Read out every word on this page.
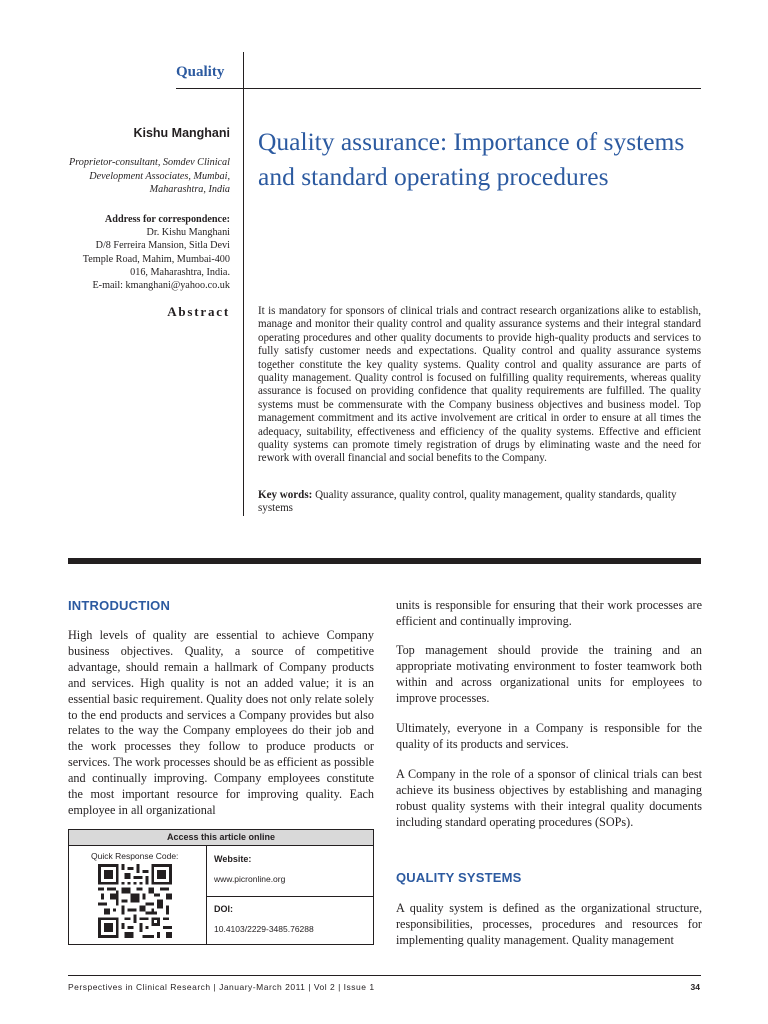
Quality
Kishu Manghani
Proprietor-consultant, Somdev Clinical Development Associates, Mumbai, Maharashtra, India
Address for correspondence:
Dr. Kishu Manghani
D/8 Ferreira Mansion, Sitla Devi
Temple Road, Mahim, Mumbai-400
016, Maharashtra, India.
E-mail: kmanghani@yahoo.co.uk
Quality assurance: Importance of systems and standard operating procedures
Abstract	It is mandatory for sponsors of clinical trials and contract research organizations alike to establish, manage and monitor their quality control and quality assurance systems and their integral standard operating procedures and other quality documents to provide high-quality products and services to fully satisfy customer needs and expectations. Quality control and quality assurance systems together constitute the key quality systems. Quality control and quality assurance are parts of quality management. Quality control is focused on fulfilling quality requirements, whereas quality assurance is focused on providing confidence that quality requirements are fulfilled. The quality systems must be commensurate with the Company business objectives and business model. Top management commitment and its active involvement are critical in order to ensure at all times the adequacy, suitability, effectiveness and efficiency of the quality systems. Effective and efficient quality systems can promote timely registration of drugs by eliminating waste and the need for rework with overall financial and social benefits to the Company.

Key words: Quality assurance, quality control, quality management, quality standards, quality systems

INTRODUCTION

High levels of quality are essential to achieve Company business objectives. Quality, a source of competitive advantage, should remain a hallmark of Company products and services. High quality is not an added value; it is an essential basic requirement. Quality does not only relate solely to the end products and services a Company provides but also relates to the way the Company employees do their job and the work processes they follow to produce products or services. The work processes should be as efficient as possible and continually improving. Company employees constitute the most important resource for improving quality. Each employee in all organizational

Access this article online
Quick Response Code:	Website:
www.picronline.org
DOI:
10.4103/2229-3485.76288

units is responsible for ensuring that their work processes are efficient and continually improving.

Top management should provide the training and an appropriate motivating environment to foster teamwork both within and across organizational units for employees to improve processes.

Ultimately, everyone in a Company is responsible for the quality of its products and services.

A Company in the role of a sponsor of clinical trials can best achieve its business objectives by establishing and managing robust quality systems with their integral quality documents including standard operating procedures (SOPs).

QUALITY SYSTEMS

A quality system is defined as the organizational structure, responsibilities, processes, procedures and resources for implementing quality management. Quality management

Perspectives in Clinical Research | January-March 2011 | Vol 2 | Issue 1	34
